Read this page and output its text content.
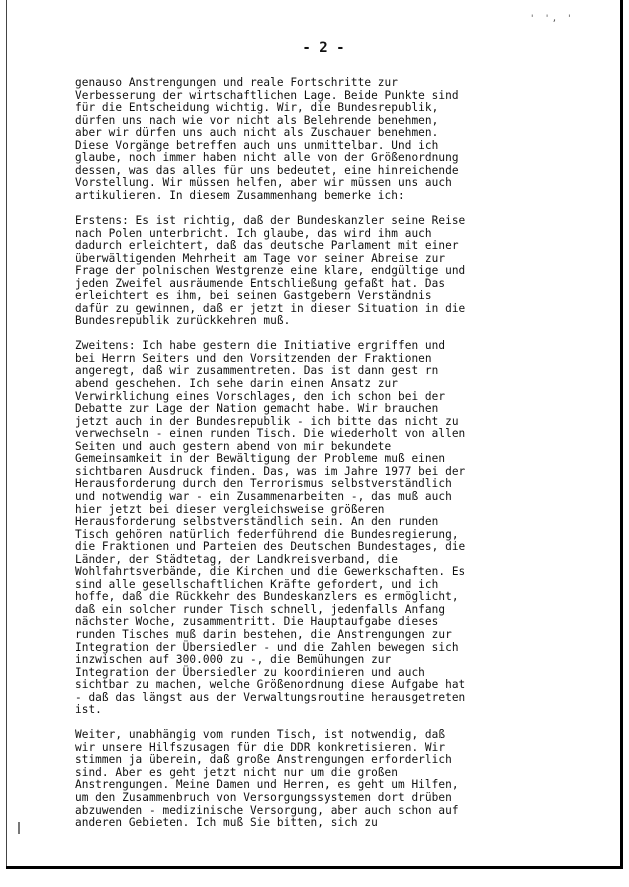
' ', '
- 2 -
genauso Anstrengungen und reale Fortschritte zur
Verbesserung der wirtschaftlichen Lage. Beide Punkte sind
für die Entscheidung wichtig. Wir, die Bundesrepublik,
dürfen uns nach wie vor nicht als Belehrende benehmen,
aber wir dürfen uns auch nicht als Zuschauer benehmen.
Diese Vorgänge betreffen auch uns unmittelbar. Und ich
glaube, noch immer haben nicht alle von der Größenordnung
dessen, was das alles für uns bedeutet, eine hinreichende
Vorstellung. Wir müssen helfen, aber wir müssen uns auch
artikulieren. In diesem Zusammenhang bemerke ich:
Erstens: Es ist richtig, daß der Bundeskanzler seine Reise
nach Polen unterbricht. Ich glaube, das wird ihm auch
dadurch erleichtert, daß das deutsche Parlament mit einer
überwältigenden Mehrheit am Tage vor seiner Abreise zur
Frage der polnischen Westgrenze eine klare, endgültige und
jeden Zweifel ausräumende Entschließung gefaßt hat. Das
erleichtert es ihm, bei seinen Gastgebern Verständnis
dafür zu gewinnen, daß er jetzt in dieser Situation in die
Bundesrepublik zurückkehren muß.
Zweitens: Ich habe gestern die Initiative ergriffen und
bei Herrn Seiters und den Vorsitzenden der Fraktionen
angeregt, daß wir zusammentreten. Das ist dann gest rn
abend geschehen. Ich sehe darin einen Ansatz zur
Verwirklichung eines Vorschlages, den ich schon bei der
Debatte zur Lage der Nation gemacht habe. Wir brauchen
jetzt auch in der Bundesrepublik - ich bitte das nicht zu
verwechseln - einen runden Tisch. Die wiederholt von allen
Seiten und auch gestern abend von mir bekundete
Gemeinsamkeit in der Bewältigung der Probleme muß einen
sichtbaren Ausdruck finden. Das, was im Jahre 1977 bei der
Herausforderung durch den Terrorismus selbstverständlich
und notwendig war - ein Zusammenarbeiten -, das muß auch
hier jetzt bei dieser vergleichsweise größeren
Herausforderung selbstverständlich sein. An den runden
Tisch gehören natürlich federführend die Bundesregierung,
die Fraktionen und Parteien des Deutschen Bundestages, die
Länder, der Städtetag, der Landkreisverband, die
Wohlfahrtsverbände, die Kirchen und die Gewerkschaften. Es
sind alle gesellschaftlichen Kräfte gefordert, und ich
hoffe, daß die Rückkehr des Bundeskanzlers es ermöglicht,
daß ein solcher runder Tisch schnell, jedenfalls Anfang
nächster Woche, zusammentritt. Die Hauptaufgabe dieses
runden Tisches muß darin bestehen, die Anstrengungen zur
Integration der Übersiedler - und die Zahlen bewegen sich
inzwischen auf 300.000 zu -, die Bemühungen zur
Integration der Übersiedler zu koordinieren und auch
sichtbar zu machen, welche Größenordnung diese Aufgabe hat
- daß das längst aus der Verwaltungsroutine herausgetreten
ist.
Weiter, unabhängig vom runden Tisch, ist notwendig, daß
wir unsere Hilfszusagen für die DDR konkretisieren. Wir
stimmen ja überein, daß große Anstrengungen erforderlich
sind. Aber es geht jetzt nicht nur um die großen
Anstrengungen. Meine Damen und Herren, es geht um Hilfen,
um den Zusammenbruch von Versorgungssystemen dort drüben
abzuwenden - medizinische Versorgung, aber auch schon auf
anderen Gebieten. Ich muß Sie bitten, sich zu
